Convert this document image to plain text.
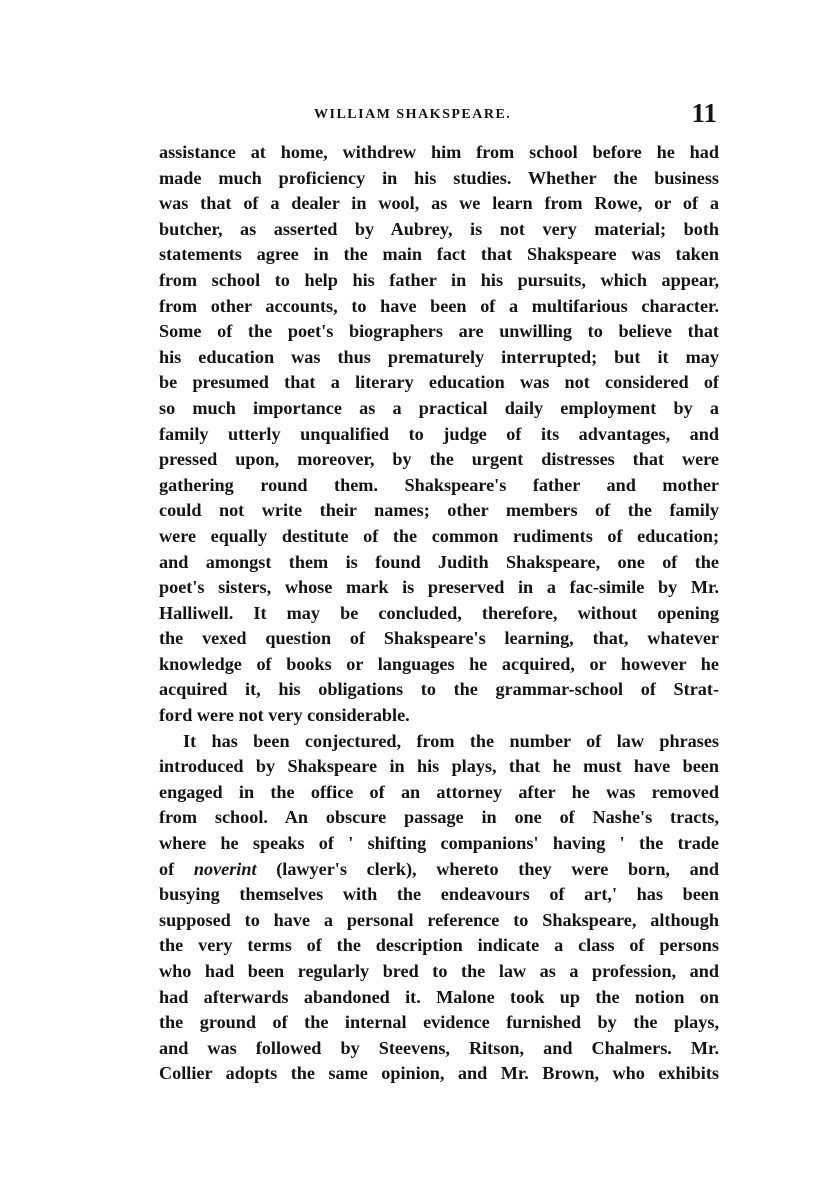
WILLIAM SHAKSPEARE.	11
assistance at home, withdrew him from school before he had
made much proficiency in his studies. Whether the business
was that of a dealer in wool, as we learn from Rowe, or of a
butcher, as asserted by Aubrey, is not very material; both
statements agree in the main fact that Shakspeare was taken
from school to help his father in his pursuits, which appear,
from other accounts, to have been of a multifarious character.
Some of the poet's biographers are unwilling to believe that
his education was thus prematurely interrupted; but it may
be presumed that a literary education was not considered of
so much importance as a practical daily employment by a
family utterly unqualified to judge of its advantages, and
pressed upon, moreover, by the urgent distresses that were
gathering round them. Shakspeare's father and mother
could not write their names; other members of the family
were equally destitute of the common rudiments of education;
and amongst them is found Judith Shakspeare, one of the
poet's sisters, whose mark is preserved in a fac-simile by Mr.
Halliwell. It may be concluded, therefore, without opening
the vexed question of Shakspeare's learning, that, whatever
knowledge of books or languages he acquired, or however he
acquired it, his obligations to the grammar-school of Strat-
ford were not very considerable.
It has been conjectured, from the number of law phrases
introduced by Shakspeare in his plays, that he must have been
engaged in the office of an attorney after he was removed
from school. An obscure passage in one of Nashe's tracts,
where he speaks of ' shifting companions' having ' the trade
of noverint (lawyer's clerk), whereto they were born, and
busying themselves with the endeavours of art,' has been
supposed to have a personal reference to Shakspeare, although
the very terms of the description indicate a class of persons
who had been regularly bred to the law as a profession, and
had afterwards abandoned it. Malone took up the notion on
the ground of the internal evidence furnished by the plays,
and was followed by Steevens, Ritson, and Chalmers. Mr.
Collier adopts the same opinion, and Mr. Brown, who exhibits
